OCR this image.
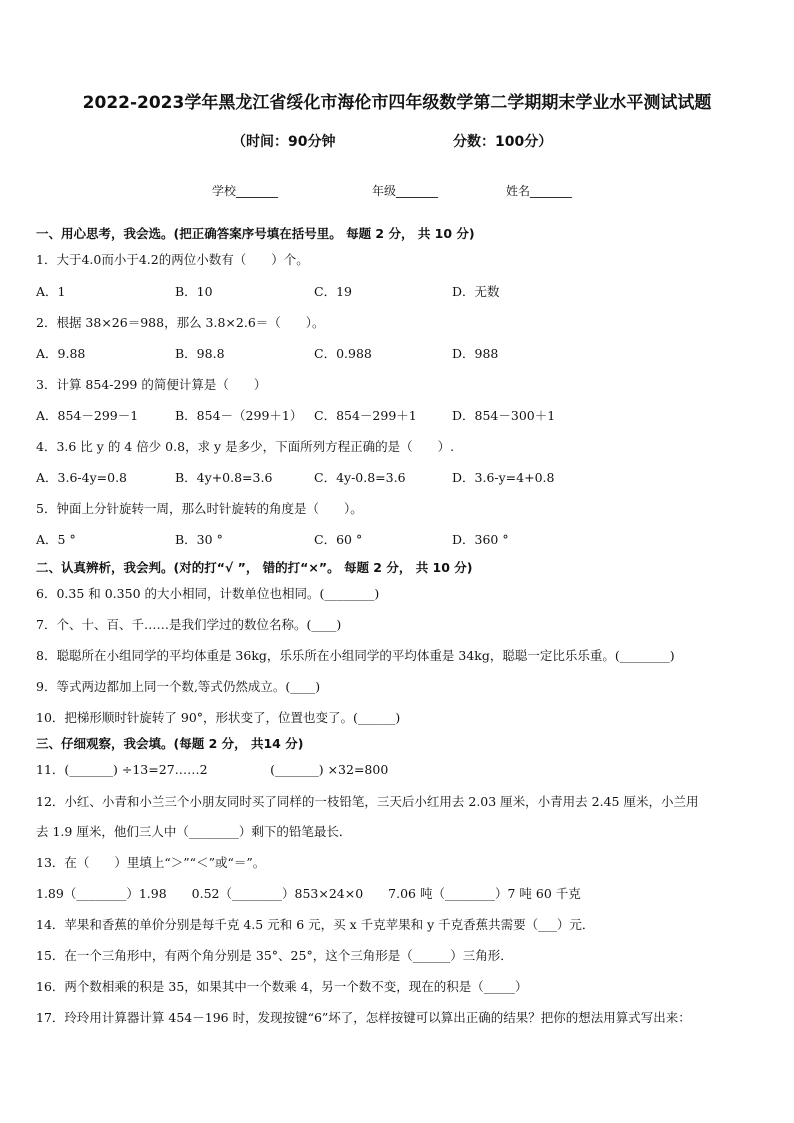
2022-2023学年黑龙江省绥化市海伦市四年级数学第二学期期末学业水平测试试题
（时间：90分钟	分数：100分）
学校_______	年级_______	姓名_______
一、用心思考，我会选。(把正确答案序号填在括号里。 每题 2 分， 共 10 分)
1．大于4.0而小于4.2的两位小数有（　　）个。
A．1	B．10	C．19	D．无数
2．根据 38×26＝988，那么 3.8×2.6＝（　　）。
A．9.88	B．98.8	C．0.988	D．988
3．计算 854-299 的简便计算是（　　）
A．854－299－1	B．854－（299＋1） C．854－299＋1	D．854－300＋1
4．3.6 比 y 的 4 倍少 0.8，求 y 是多少，下面所列方程正确的是（　　）.
A．3.6-4y=0.8	B．4y+0.8=3.6	C．4y-0.8=3.6	D．3.6-y=4+0.8
5．钟面上分针旋转一周，那么时针旋转的角度是（　　）。
A．5 °	B．30 °	C．60 °	D．360 °
二、认真辨析，我会判。(对的打“√ ”， 错的打“×”。 每题 2 分， 共 10 分)
6．0.35 和 0.350 的大小相同，计数单位也相同。(________)
7．个、十、百、千……是我们学过的数位名称。(____)
8．聪聪所在小组同学的平均体重是 36kg，乐乐所在小组同学的平均体重是 34kg，聪聪一定比乐乐重。(________)
9．等式两边都加上同一个数,等式仍然成立。(____)
10．把梯形顺时针旋转了 90°，形状变了，位置也变了。(______)
三、仔细观察，我会填。(每题 2 分， 共14 分)
11．(_______) ÷13=27……2　　　　　(_______) ×32=800
12．小红、小青和小兰三个小朋友同时买了同样的一枝铅笔，三天后小红用去 2.03 厘米，小青用去 2.45 厘米，小兰用
去 1.9 厘米，他们三人中（________）剩下的铅笔最长．
13．在（　　）里填上“＞”“＜”或“＝”。
1.89（________）1.98　　0.52（________）853×24×0　　7.06 吨（________）7 吨 60 千克
14．苹果和香蕉的单价分别是每千克 4.5 元和 6 元，买 x 千克苹果和 y 千克香蕉共需要（___）元．
15．在一个三角形中，有两个角分别是 35°、25°，这个三角形是（______）三角形．
16．两个数相乘的积是 35，如果其中一个数乘 4，另一个数不变，现在的积是（_____）
17．玲玲用计算器计算 454－196 时，发现按键“6”坏了，怎样按键可以算出正确的结果？把你的想法用算式写出来：
